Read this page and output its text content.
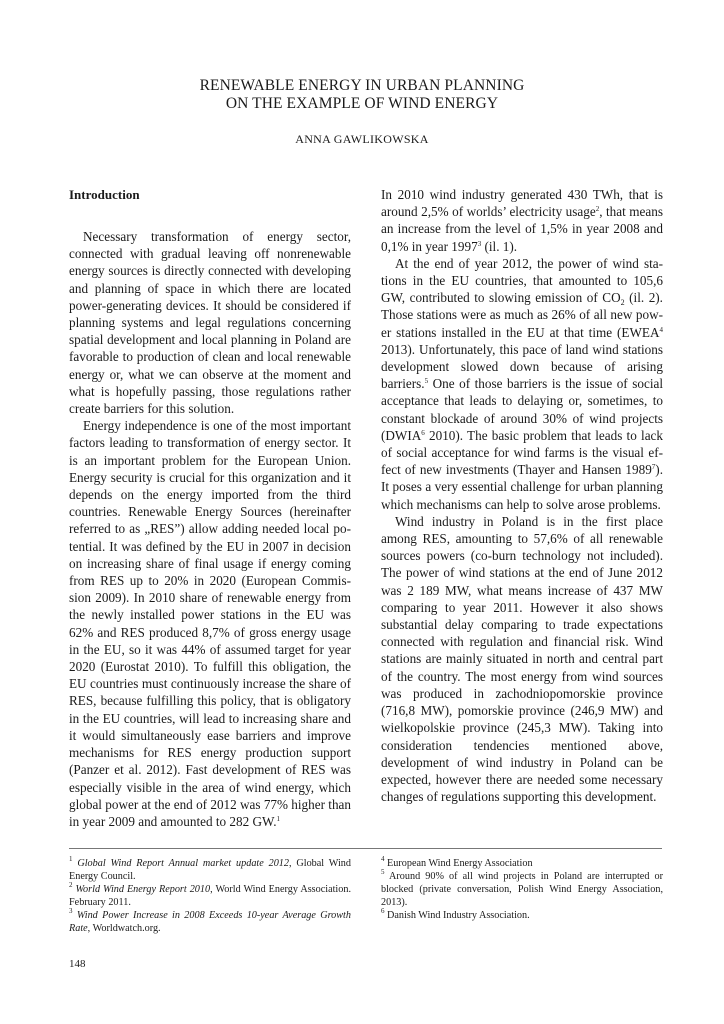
RENEWABLE ENERGY IN URBAN PLANNING
ON THE EXAMPLE OF WIND ENERGY
ANNA GAWLIKOWSKA
Introduction

Necessary transformation of energy sector, connected with gradual leaving off nonrenewable energy sources is directly connected with developing and planning of space in which there are located power-generating devices. It should be considered if planning systems and legal regulations concerning spatial development and local planning in Poland are favorable to production of clean and local renewable energy or, what we can observe at the moment and what is hopefully passing, those regulations rather create barriers for this solution.

Energy independence is one of the most important factors leading to transformation of energy sector. It is an important problem for the European Union. Energy security is crucial for this organization and it depends on the energy imported from the third countries. Renewable Energy Sources (hereinafter referred to as „RES”) allow adding needed local potential. It was defined by the EU in 2007 in decision on increasing share of final usage if energy coming from RES up to 20% in 2020 (European Commission 2009). In 2010 share of renewable energy from the newly installed power stations in the EU was 62% and RES produced 8,7% of gross energy usage in the EU, so it was 44% of assumed target for year 2020 (Eurostat 2010). To fulfill this obligation, the EU countries must continuously increase the share of RES, because fulfilling this policy, that is obligatory in the EU countries, will lead to increasing share and it would simultaneously ease barriers and improve mechanisms for RES energy production support (Panzer et al. 2012). Fast development of RES was especially visible in the area of wind energy, which global power at the end of 2012 was 77% higher than in year 2009 and amounted to 282 GW.$^1$

In 2010 wind industry generated 430 TWh, that is around 2,5% of worlds’ electricity usage$^2$, that means an increase from the level of 1,5% in year 2008 and 0,1% in year 1997$^3$ (il. 1).

At the end of year 2012, the power of wind stations in the EU countries, that amounted to 105,6 GW, contributed to slowing emission of $CO_2$ (il. 2). Those stations were as much as 26% of all new power stations installed in the EU at that time (EWEA$^4$ 2013). Unfortunately, this pace of land wind stations development slowed down because of arising barriers.$^5$ One of those barriers is the issue of social acceptance that leads to delaying or, sometimes, to constant blockade of around 30% of wind projects (DWIA$^6$ 2010). The basic problem that leads to lack of social acceptance for wind farms is the visual effect of new investments (Thayer and Hansen 1989$^7$). It poses a very essential challenge for urban planning which mechanisms can help to solve arose problems.

Wind industry in Poland is in the first place among RES, amounting to 57,6% of all renewable sources powers (co-burn technology not included). The power of wind stations at the end of June 2012 was 2 189 MW, what means increase of 437 MW comparing to year 2011. However it also shows substantial delay comparing to trade expectations connected with regulation and financial risk. Wind stations are mainly situated in north and central part of the country. The most energy from wind sources was produced in zachodniopomorskie province (716,8 MW), pomorskie province (246,9 MW) and wielkopolskie province (245,3 MW). Taking into consideration tendencies mentioned above, development of wind industry in Poland can be expected, however there are needed some necessary changes of regulations supporting this development.

$^1$ Global Wind Report Annual market update 2012, Global Wind Energy Council.

$^2$ World Wind Energy Report 2010, World Wind Energy Association. February 2011.

$^3$ Wind Power Increase in 2008 Exceeds 10-year Average Growth Rate, Worldwatch.org.

$^4$ European Wind Energy Association

$^5$ Around 90% of all wind projects in Poland are interrupted or blocked (private conversation, Polish Wind Energy Association, 2013).

$^6$ Danish Wind Industry Association.

148
